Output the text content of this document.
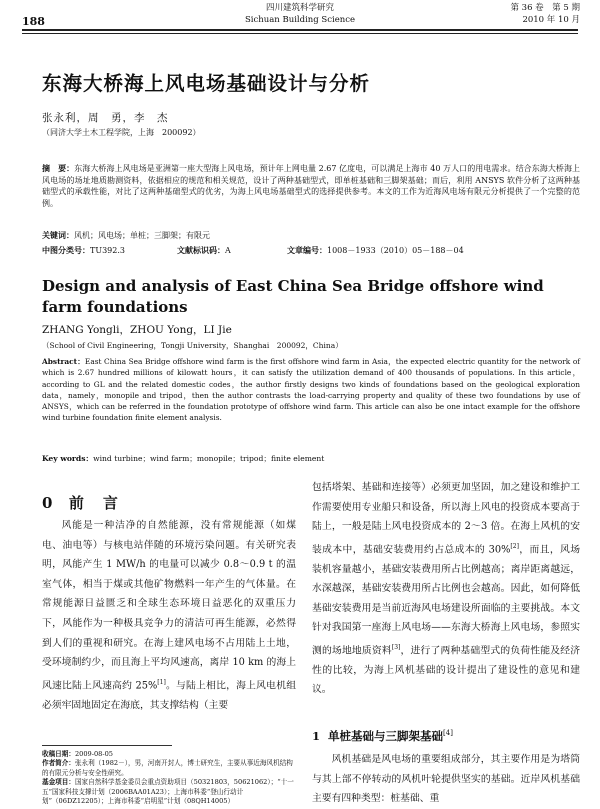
188
四川建筑科学研究
Sichuan Building Science
第 36 卷　第 5 期
2010 年 10 月
东海大桥海上风电场基础设计与分析
张永利，周　勇，李　杰
（同济大学土木工程学院，上海　200092）
摘　要：东海大桥海上风电场是亚洲第一座大型海上风电场，预计年上网电量 2.67 亿度电，可以满足上海市 40 万人口的用电需求。结合东海大桥海上风电场的场址地质勘测资料，依据相应的规范和相关规范，设计了两种基础型式，即单桩基础和三脚架基础；而后，利用 ANSYS 软件分析了这两种基础型式的承载性能，对比了这两种基础型式的优劣，为海上风电场基础型式的选择提供参考。本文的工作为近海风电场有限元分析提供了一个完整的范例。
关键词：风机；风电场；单桩；三脚架；有限元
中图分类号：TU392.3	文献标识码：A	文章编号：1008－1933（2010）05－188－04
Design and analysis of East China Sea Bridge offshore wind farm foundations
ZHANG Yongli，ZHOU Yong，LI Jie
（School of Civil Engineering，Tongji University，Shanghai　200092，China）
Abstract：East China Sea Bridge offshore wind farm is the first offshore wind farm in Asia，the expected electric quantity for the network of which is 2.67 hundred millions of kilowatt hours，it can satisfy the utilization demand of 400 thousands of populations. In this article，according to GL and the related domestic codes，the author firstly designs two kinds of foundations based on the geological exploration data，namely，monopile and tripod，then the author contrasts the load-carrying property and quality of these two foundations by use of ANSYS，which can be referred in the foundation prototype of offshore wind farm. This article can also be one intact example for the offshore wind turbine foundation finite element analysis.
Key words：wind turbine；wind farm；monopile；tripod；finite element
0 前　言

风能是一种洁净的自然能源，没有常规能源（如煤电、油电等）与核电站伴随的环境污染问题。有关研究表明，风能产生 1 MW/h 的电量可以减少 0.8～0.9 t 的温室气体，相当于煤或其他矿物燃料一年产生的气体量。在常规能源日益匮乏和全球生态环境日益恶化的双重压力下，风能作为一种极具竞争力的清洁可再生能源，必然得到人们的重视和研究。在海上建风电场不占用陆上土地，受环境制约少，而且海上平均风速高，离岸 10 km 的海上风速比陆上风速高约 25%[1]。与陆上相比，海上风电机组必须牢固地固定在海底，其支撑结构（主要

包括塔架、基础和连接等）必须更加坚固，加之建设和维护工作需要使用专业船只和设备，所以海上风电的投资成本要高于陆上，一般是陆上风电投资成本的 2～3 倍。在海上风机的安装成本中，基础安装费用约占总成本的 30%[2]，而且，风场装机容量越小，基础安装费用所占比例越高；离岸距离越远，水深越深，基础安装费用所占比例也会越高。因此，如何降低基础安装费用是当前近海风电场建设所面临的主要挑战。本文针对我国第一座海上风电场——东海大桥海上风电场，参照实测的场地地质资料[3]，进行了两种基础型式的负荷性能及经济性的比较，为海上风机基础的设计提出了建设性的意见和建议。

1 单桩基础与三脚架基础[4]

风机基础是风电场的重要组成部分，其主要作用是为塔筒与其上部不停转动的风机叶轮提供坚实的基础。近岸风机基础主要有四种类型：桩基础、重

收稿日期：2009-08-05
作者简介：张永利（1982－），男，河南开封人，博士研究生，主要从事近海风机结构的有限元分析与安全性研究。
基金项目：国家自然科学基金委员会重点资助项目（50321803，50621062）；“十一五”国家科技支撑计划（2006BAA01A23）；上海市科委“登山行动计划”（06DZ12205）；上海市科委“启明星”计划（08QH14005）
